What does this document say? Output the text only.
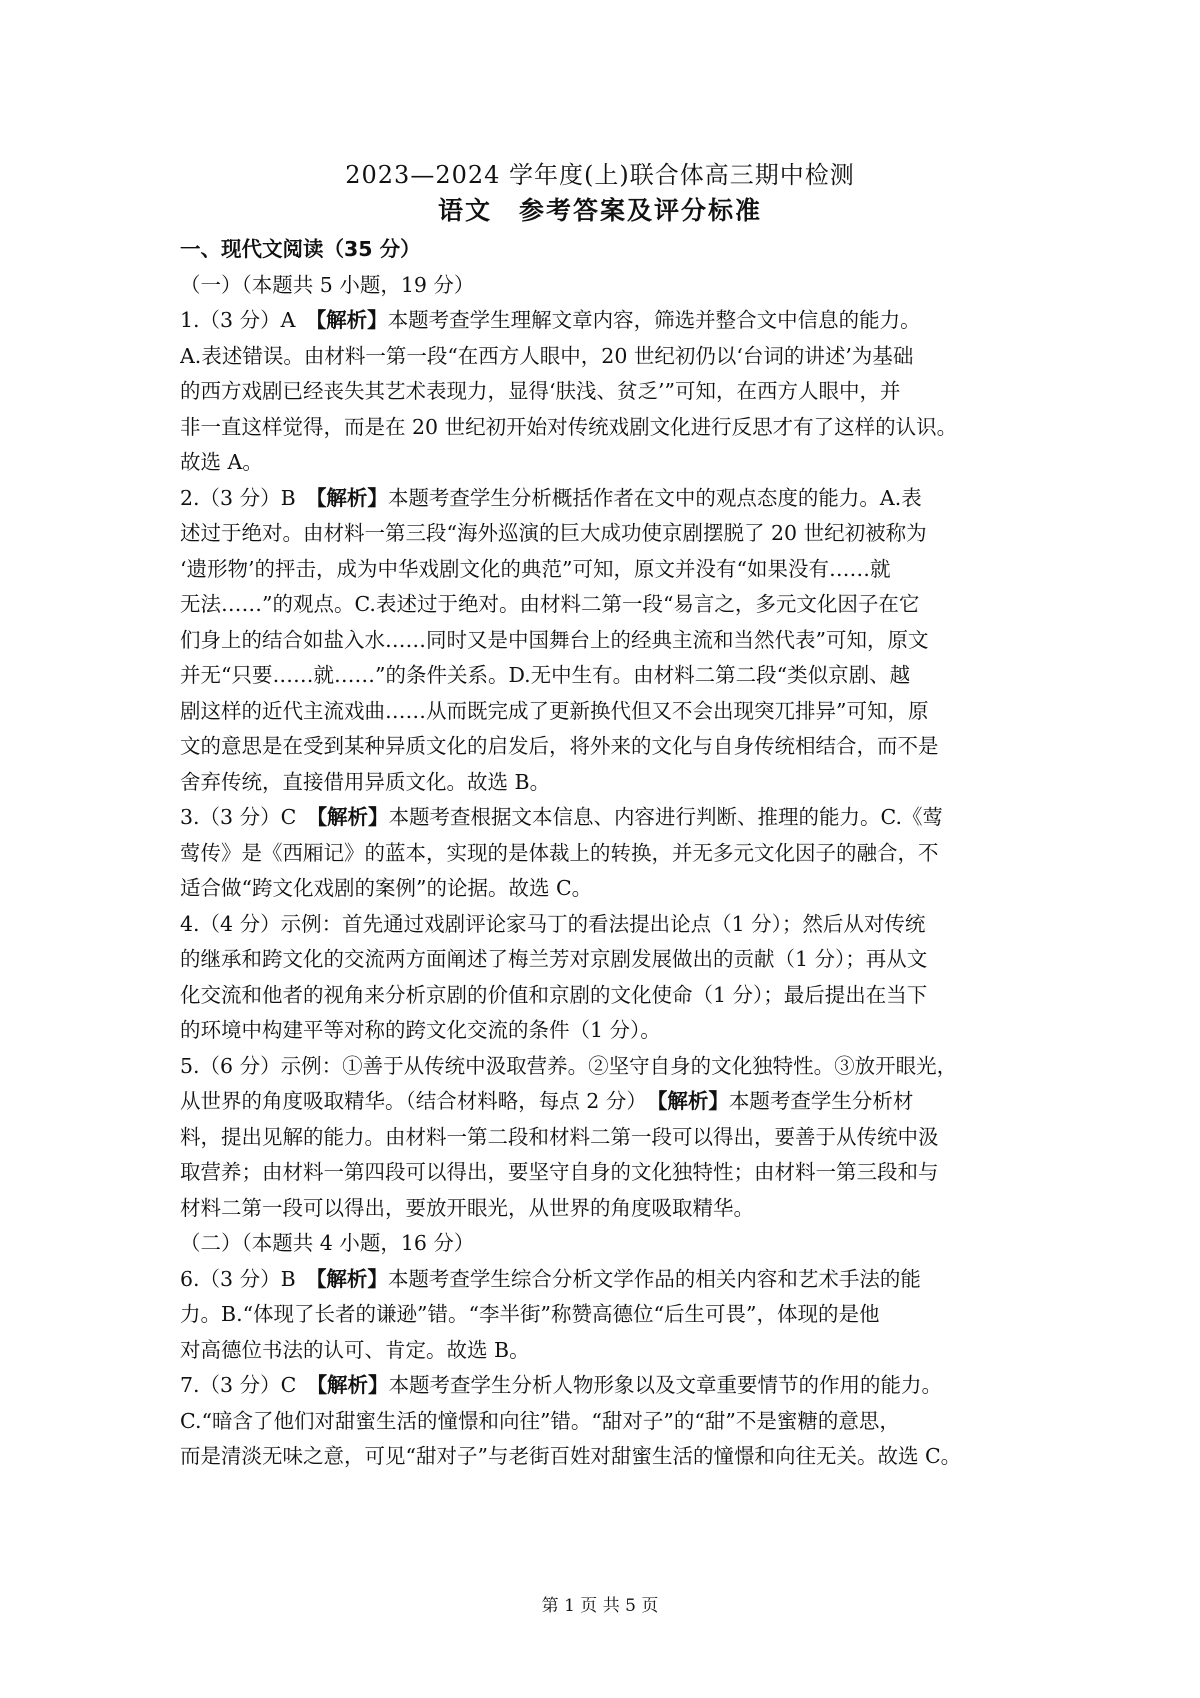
2023—2024 学年度(上)联合体高三期中检测
语文　参考答案及评分标准
一、现代文阅读（35 分）
（一）（本题共 5 小题，19 分）
1.（3 分）A　【解析】本题考查学生理解文章内容，筛选并整合文中信息的能力。
A.表述错误。由材料一第一段“在西方人眼中，20 世纪初仍以‘台词的讲述’为基础
的西方戏剧已经丧失其艺术表现力，显得‘肤浅、贫乏’”可知，在西方人眼中，并
非一直这样觉得，而是在 20 世纪初开始对传统戏剧文化进行反思才有了这样的认识。
故选 A。
2.（3 分）B　【解析】本题考查学生分析概括作者在文中的观点态度的能力。A.表
述过于绝对。由材料一第三段“海外巡演的巨大成功使京剧摆脱了 20 世纪初被称为
‘遗形物’的抨击，成为中华戏剧文化的典范”可知，原文并没有“如果没有……就
无法……”的观点。C.表述过于绝对。由材料二第一段“易言之，多元文化因子在它
们身上的结合如盐入水……同时又是中国舞台上的经典主流和当然代表”可知，原文
并无“只要……就……”的条件关系。D.无中生有。由材料二第二段“类似京剧、越
剧这样的近代主流戏曲……从而既完成了更新换代但又不会出现突兀排异”可知，原
文的意思是在受到某种异质文化的启发后，将外来的文化与自身传统相结合，而不是
舍弃传统，直接借用异质文化。故选 B。
3.（3 分）C　【解析】本题考查根据文本信息、内容进行判断、推理的能力。C.《莺
莺传》是《西厢记》的蓝本，实现的是体裁上的转换，并无多元文化因子的融合，不
适合做“跨文化戏剧的案例”的论据。故选 C。
4.（4 分）示例：首先通过戏剧评论家马丁的看法提出论点（1 分）；然后从对传统
的继承和跨文化的交流两方面阐述了梅兰芳对京剧发展做出的贡献（1 分）；再从文
化交流和他者的视角来分析京剧的价值和京剧的文化使命（1 分）；最后提出在当下
的环境中构建平等对称的跨文化交流的条件（1 分）。
5.（6 分）示例：①善于从传统中汲取营养。②坚守自身的文化独特性。③放开眼光，
从世界的角度吸取精华。（结合材料略，每点 2 分）　【解析】本题考查学生分析材
料，提出见解的能力。由材料一第二段和材料二第一段可以得出，要善于从传统中汲
取营养；由材料一第四段可以得出，要坚守自身的文化独特性；由材料一第三段和与
材料二第一段可以得出，要放开眼光，从世界的角度吸取精华。
（二）（本题共 4 小题，16 分）
6.（3 分）B　【解析】本题考查学生综合分析文学作品的相关内容和艺术手法的能
力。B.“体现了长者的谦逊”错。“李半街”称赞高德位“后生可畏”，体现的是他
对高德位书法的认可、肯定。故选 B。
7.（3 分）C　【解析】本题考查学生分析人物形象以及文章重要情节的作用的能力。
C.“暗含了他们对甜蜜生活的憧憬和向往”错。“甜对子”的“甜”不是蜜糖的意思，
而是清淡无味之意，可见“甜对子”与老街百姓对甜蜜生活的憧憬和向往无关。故选 C。
第 1 页 共 5 页
